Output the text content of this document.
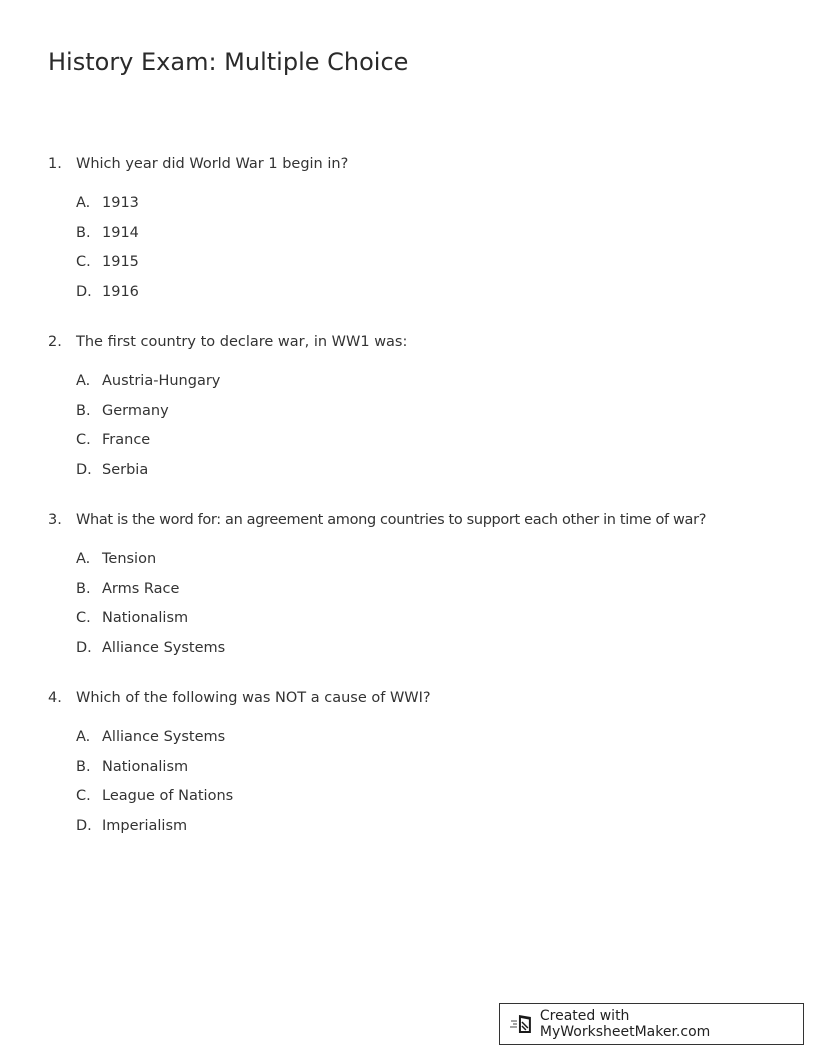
History Exam: Multiple Choice
1. Which year did World War 1 begin in?
A. 1913
B. 1914
C. 1915
D. 1916
2. The first country to declare war, in WW1 was:
A. Austria-Hungary
B. Germany
C. France
D. Serbia
3. What is the word for: an agreement among countries to support each other in time of war?
A. Tension
B. Arms Race
C. Nationalism
D. Alliance Systems
4. Which of the following was NOT a cause of WWI?
A. Alliance Systems
B. Nationalism
C. League of Nations
D. Imperialism
Created with MyWorksheetMaker.com
